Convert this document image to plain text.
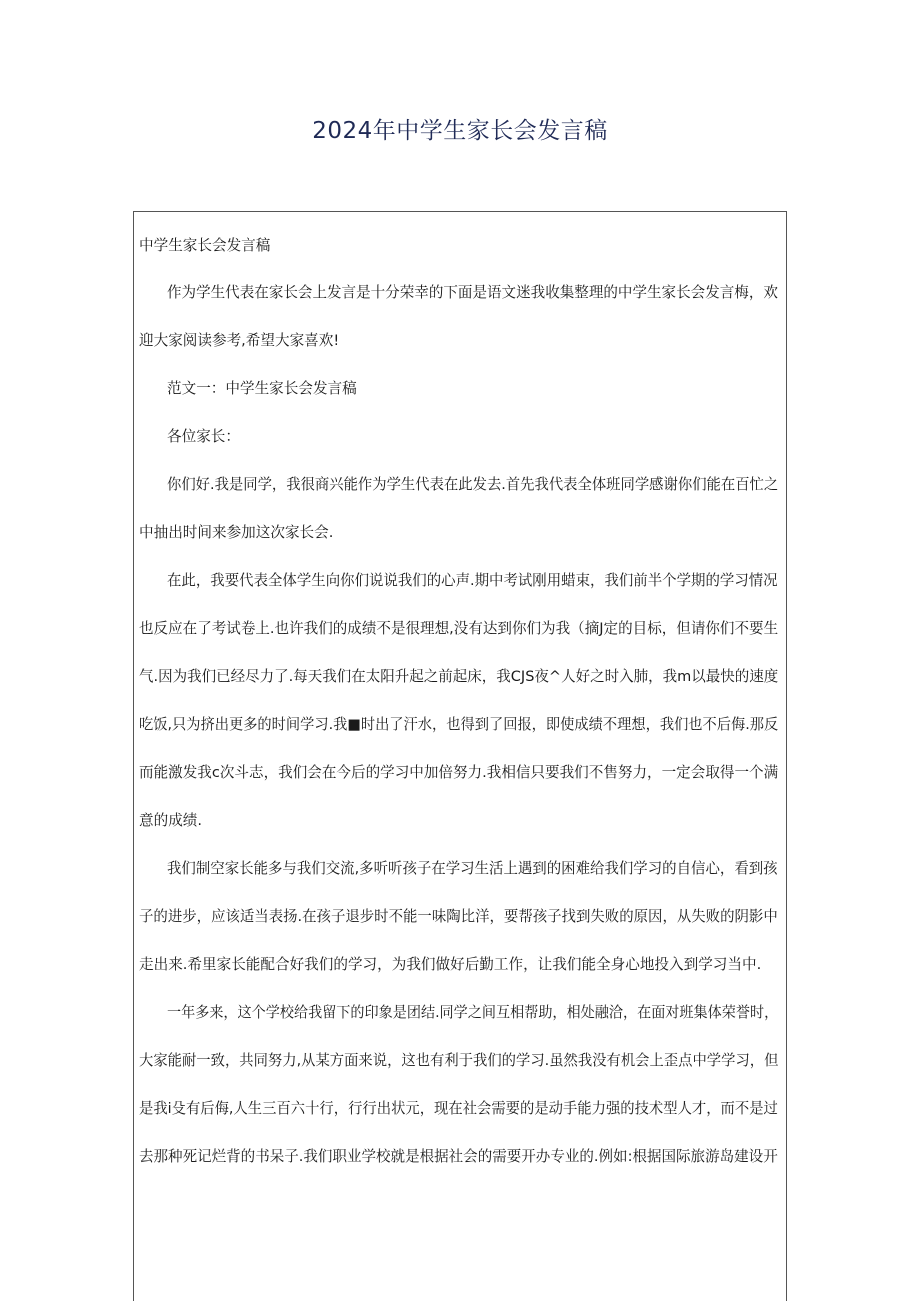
2024年中学生家长会发言稿
中学生家长会发言稿
作为学生代表在家长会上发言是十分荣幸的下面是语文迷我收集整理的中学生家长会发言梅，欢
迎大家阅读参考,希望大家喜欢!
范文一：中学生家长会发言稿
各位家长：
你们好.我是同学，我很商兴能作为学生代表在此发去.首先我代表全体班同学感谢你们能在百忙之
中抽出时间来参加这次家长会.
在此，我要代表全体学生向你们说说我们的心声.期中考试刚用蜡束，我们前半个学期的学习情况
也反应在了考试卷上.也许我们的成绩不是很理想,没有达到你们为我（摘J定的目标，但请你们不要生
气.因为我们已经尽力了.每天我们在太阳升起之前起床，我CJS夜^人好之时入肺，我m以最快的速度
吃饭,只为挤出更多的时间学习.我■时出了汗水，也得到了回报，即使成绩不理想，我们也不后侮.那反
而能激发我c次斗志，我们会在今后的学习中加倍努力.我相信只要我们不售努力，一定会取得一个满
意的成绩.
我们制空家长能多与我们交流,多听听孩子在学习生活上遇到的困难给我们学习的自信心，看到孩
子的进步，应该适当表扬.在孩子退步时不能一味陶比洋，要帮孩子找到失败的原因，从失败的阴影中
走出来.希里家长能配合好我们的学习，为我们做好后勤工作，让我们能全身心地投入到学习当中.
一年多来，这个学校给我留下的印象是团结.同学之间互相帮助，相处融洽，在面对班集体荣誉时，
大家能耐一致，共同努力,从某方面来说，这也有利于我们的学习.虽然我没有机会上歪点中学学习，但
是我i殳有后侮,人生三百六十行，行行出状元，现在社会需要的是动手能力强的技术型人才，而不是过
去那种死记烂背的书呆子.我们职业学校就是根据社会的需要开办专业的.例如:根据国际旅游岛建设开
